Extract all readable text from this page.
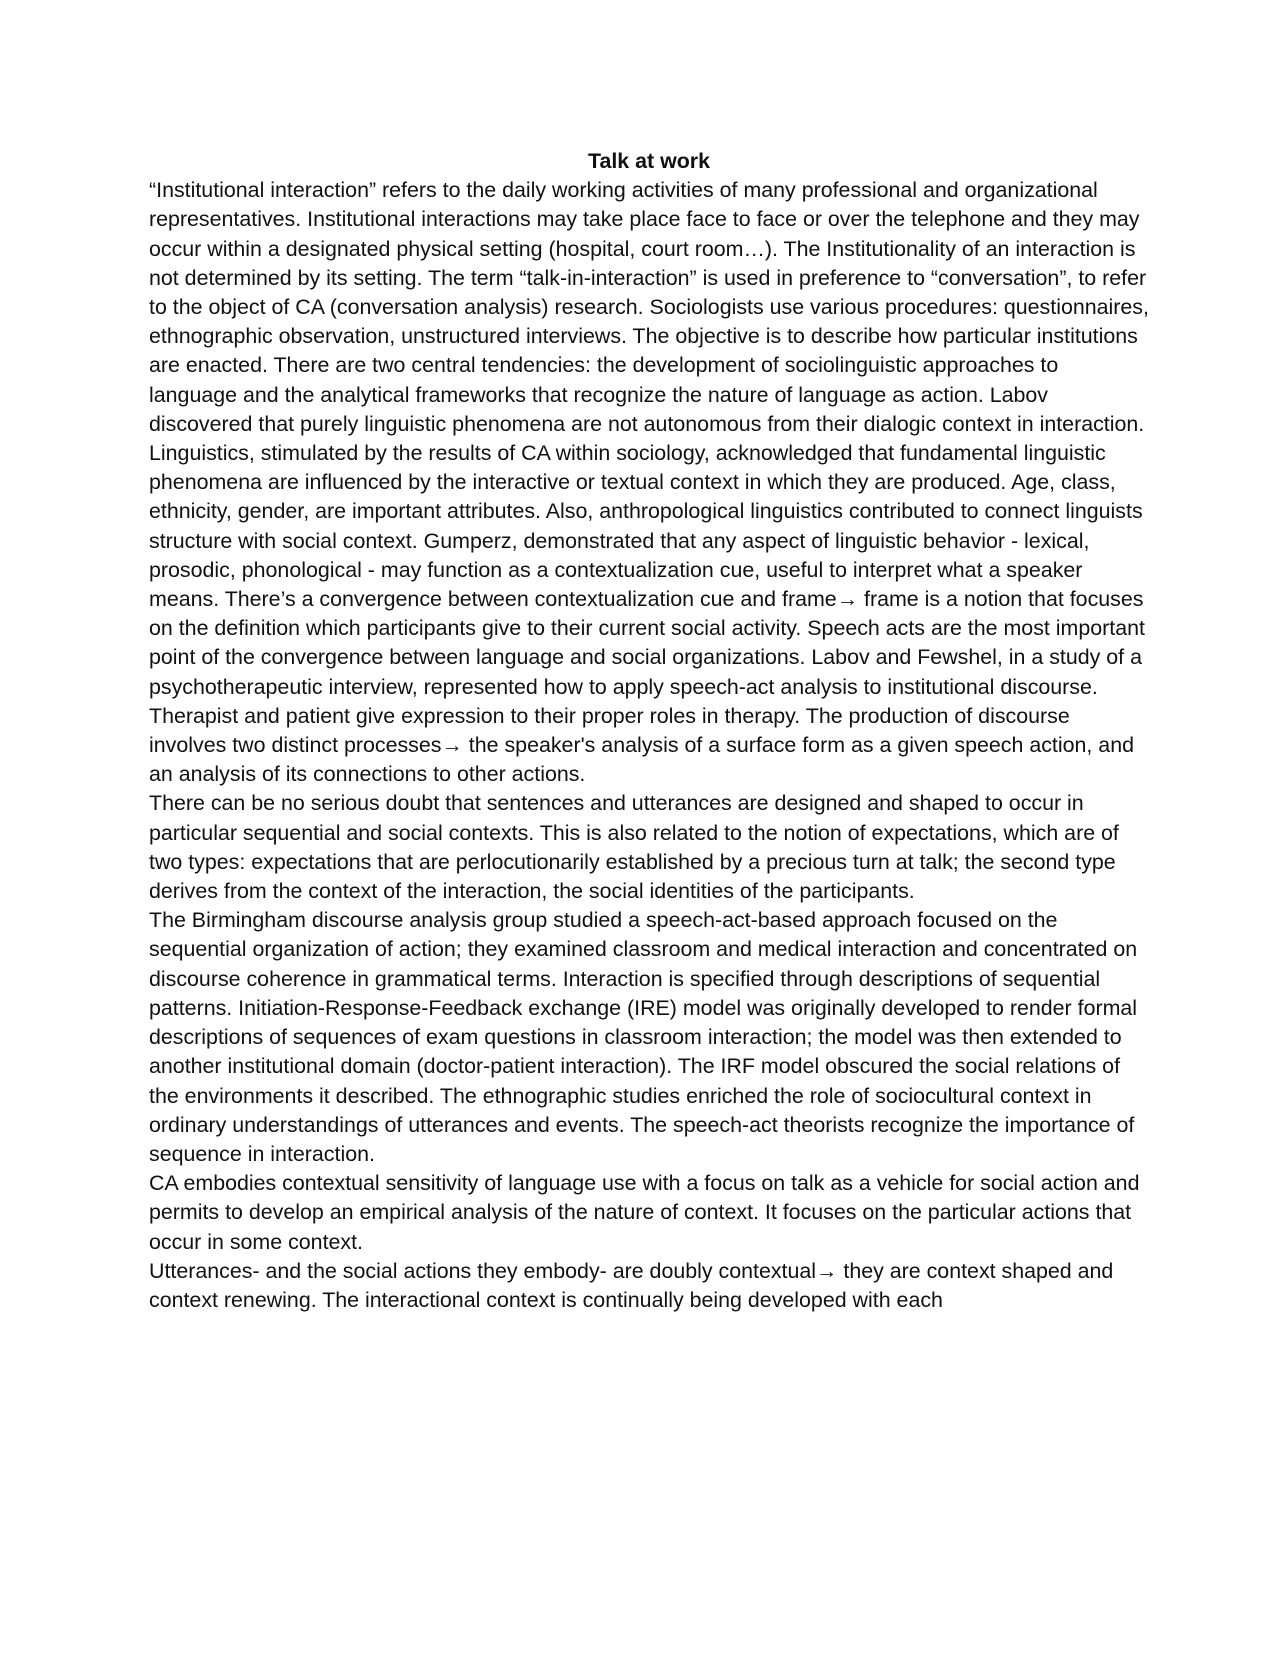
Talk at work

“Institutional interaction” refers to the daily working activities of many professional and organizational representatives. Institutional interactions may take place face to face or over the telephone and they may occur within a designated physical setting (hospital, court room…). The Institutionality of an interaction is not determined by its setting. The term “talk-in-interaction” is used in preference to “conversation”, to refer to the object of CA (conversation analysis) research. Sociologists use various procedures: questionnaires, ethnographic observation, unstructured interviews. The objective is to describe how particular institutions are enacted. There are two central tendencies: the development of sociolinguistic approaches to language and the analytical frameworks that recognize the nature of language as action. Labov discovered that purely linguistic phenomena are not autonomous from their dialogic context in interaction.

Linguistics, stimulated by the results of CA within sociology, acknowledged that fundamental linguistic phenomena are influenced by the interactive or textual context in which they are produced. Age, class, ethnicity, gender, are important attributes. Also, anthropological linguistics contributed to connect linguists structure with social context. Gumperz, demonstrated that any aspect of linguistic behavior - lexical, prosodic, phonological - may function as a contextualization cue, useful to interpret what a speaker means. There’s a convergence between contextualization cue and frame→ frame is a notion that focuses on the definition which participants give to their current social activity. Speech acts are the most important point of the convergence between language and social organizations. Labov and Fewshel, in a study of a psychotherapeutic interview, represented how to apply speech-act analysis to institutional discourse. Therapist and patient give expression to their proper roles in therapy. The production of discourse involves two distinct processes→ the speaker's analysis of a surface form as a given speech action, and an analysis of its connections to other actions.

There can be no serious doubt that sentences and utterances are designed and shaped to occur in particular sequential and social contexts. This is also related to the notion of expectations, which are of two types: expectations that are perlocutionarily established by a precious turn at talk; the second type derives from the context of the interaction, the social identities of the participants.

The Birmingham discourse analysis group studied a speech-act-based approach focused on the sequential organization of action; they examined classroom and medical interaction and concentrated on discourse coherence in grammatical terms. Interaction is specified through descriptions of sequential patterns. Initiation-Response-Feedback exchange (IRE) model was originally developed to render formal descriptions of sequences of exam questions in classroom interaction; the model was then extended to another institutional domain (doctor-patient interaction). The IRF model obscured the social relations of the environments it described. The ethnographic studies enriched the role of sociocultural context in ordinary understandings of utterances and events. The speech-act theorists recognize the importance of sequence in interaction.

CA embodies contextual sensitivity of language use with a focus on talk as a vehicle for social action and permits to develop an empirical analysis of the nature of context. It focuses on the particular actions that occur in some context.

Utterances- and the social actions they embody- are doubly contextual→ they are context shaped and context renewing. The interactional context is continually being developed with each
